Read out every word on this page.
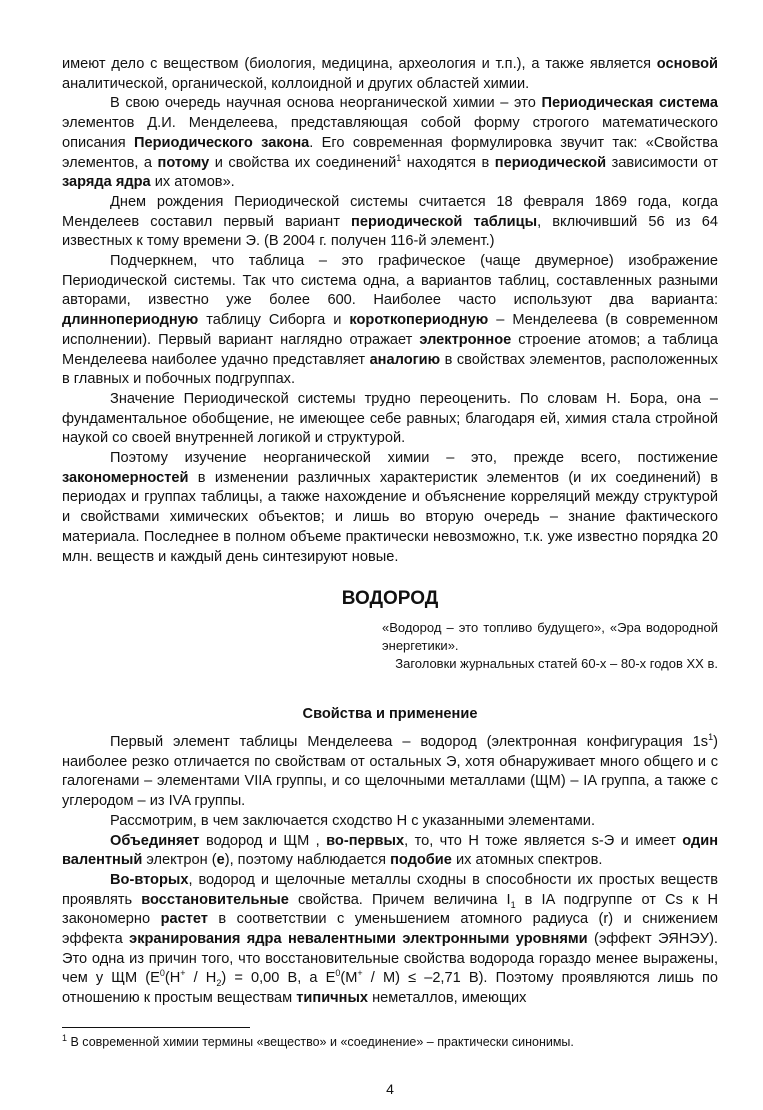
имеют дело с веществом (биология, медицина, археология и т.п.), а также является основой аналитической, органической, коллоидной и других областей химии.

В свою очередь научная основа неорганической химии – это Периодическая система элементов Д.И. Менделеева, представляющая собой форму строгого математического описания Периодического закона. Его современная формулировка звучит так: «Свойства элементов, а потому и свойства их соединений$^1$ находятся в периодической зависимости от заряда ядра их атомов».

Днем рождения Периодической системы считается 18 февраля 1869 года, когда Менделеев составил первый вариант периодической таблицы, включивший 56 из 64 известных к тому времени Э. (В 2004 г. получен 116-й элемент.)

Подчеркнем, что таблица – это графическое (чаще двумерное) изображение Периодической системы. Так что система одна, а вариантов таблиц, составленных разными авторами, известно уже более 600. Наиболее часто используют два варианта: длиннопериодную таблицу Сиборга и короткопериодную – Менделеева (в современном исполнении). Первый вариант наглядно отражает электронное строение атомов; а таблица Менделеева наиболее удачно представляет аналогию в свойствах элементов, расположенных в главных и побочных подгруппах.

Значение Периодической системы трудно переоценить. По словам Н. Бора, она – фундаментальное обобщение, не имеющее себе равных; благодаря ей, химия стала стройной наукой со своей внутренней логикой и структурой.

Поэтому изучение неорганической химии – это, прежде всего, постижение закономерностей в изменении различных характеристик элементов (и их соединений) в периодах и группах таблицы, а также нахождение и объяснение корреляций между структурой и свойствами химических объектов; и лишь во вторую очередь – знание фактического материала. Последнее в полном объеме практически невозможно, т.к. уже известно порядка 20 млн. веществ и каждый день синтезируют новые.

ВОДОРОД
«Водород – это топливо будущего», «Эра водородной энергетики».
Заголовки журнальных статей 60-х – 80-х годов XX в.
Свойства и применение

Первый элемент таблицы Менделеева – водород (электронная конфигурация $1s^1$) наиболее резко отличается по свойствам от остальных Э, хотя обнаруживает много общего и с галогенами – элементами VIIA группы, и со щелочными металлами (ЩМ) – IA группа, а также с углеродом – из IVA группы.

Рассмотрим, в чем заключается сходство Н с указанными элементами.

Объединяет водород и ЩМ , во-первых, то, что Н тоже является s-Э и имеет один валентный электрон (е), поэтому наблюдается подобие их атомных спектров.

Во-вторых, водород и щелочные металлы сходны в способности их простых веществ проявлять восстановительные свойства. Причем величина $I_1$ в IA подгруппе от Cs к Н закономерно растет в соответствии с уменьшением атомного радиуса (r) и снижением эффекта экранирования ядра невалентными электронными уровнями (эффект ЭЯНЭУ). Это одна из причин того, что восстановительные свойства водорода гораздо менее выражены, чем у ЩМ ($E^0(H^+ / H_2) = 0,00$ В, а $E^0(M^+ / M) \le -2,71$ В). Поэтому проявляются лишь по отношению к простым веществам типичных неметаллов, имеющих

$^1$ В современной химии термины «вещество» и «соединение» – практически синонимы.
4
